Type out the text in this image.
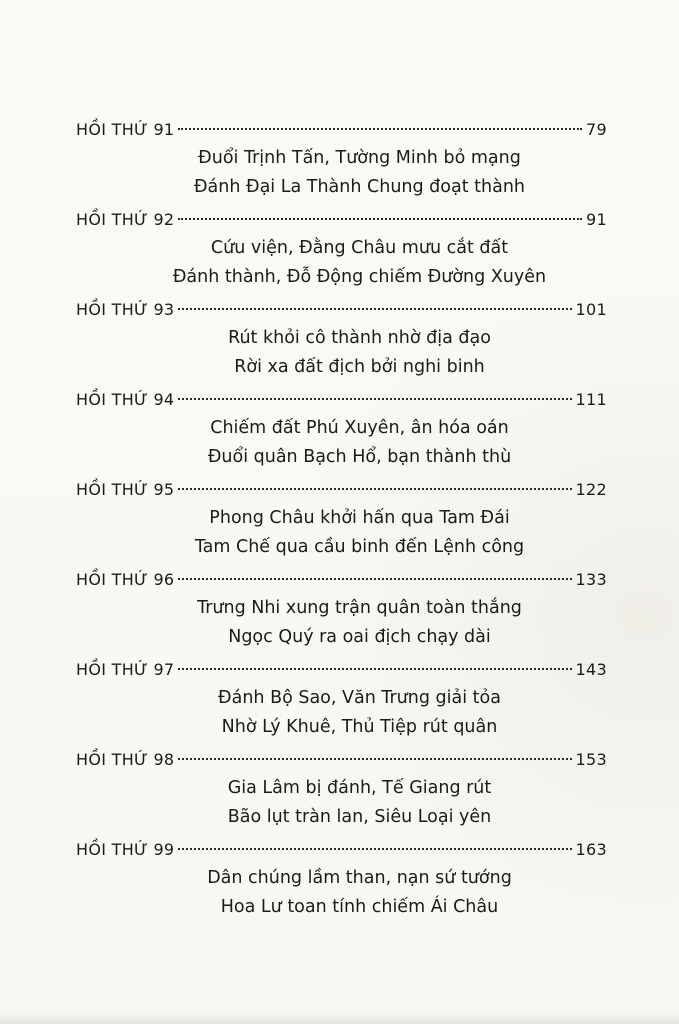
HỒI THỨ 91	79
Đuổi Trịnh Tấn, Tường Minh bỏ mạng
Đánh Đại La Thành Chung đoạt thành
HỒI THỨ 92	91
Cứu viện, Đằng Châu mưu cắt đất
Đánh thành, Đỗ Động chiếm Đường Xuyên
HỒI THỨ 93	101
Rút khỏi cô thành nhờ địa đạo
Rời xa đất địch bởi nghi binh
HỒI THỨ 94	111
Chiếm đất Phú Xuyên, ân hóa oán
Đuổi quân Bạch Hổ, bạn thành thù
HỒI THỨ 95	122
Phong Châu khởi hấn qua Tam Đái
Tam Chế qua cầu binh đến Lệnh công
HỒI THỨ 96	133
Trưng Nhi xung trận quân toàn thắng
Ngọc Quý ra oai địch chạy dài
HỒI THỨ 97	143
Đánh Bộ Sao, Văn Trưng giải tỏa
Nhờ Lý Khuê, Thủ Tiệp rút quân
HỒI THỨ 98	153
Gia Lâm bị đánh, Tế Giang rút
Bão lụt tràn lan, Siêu Loại yên
HỒI THỨ 99	163
Dân chúng lầm than, nạn sứ tướng
Hoa Lư toan tính chiếm Ái Châu
